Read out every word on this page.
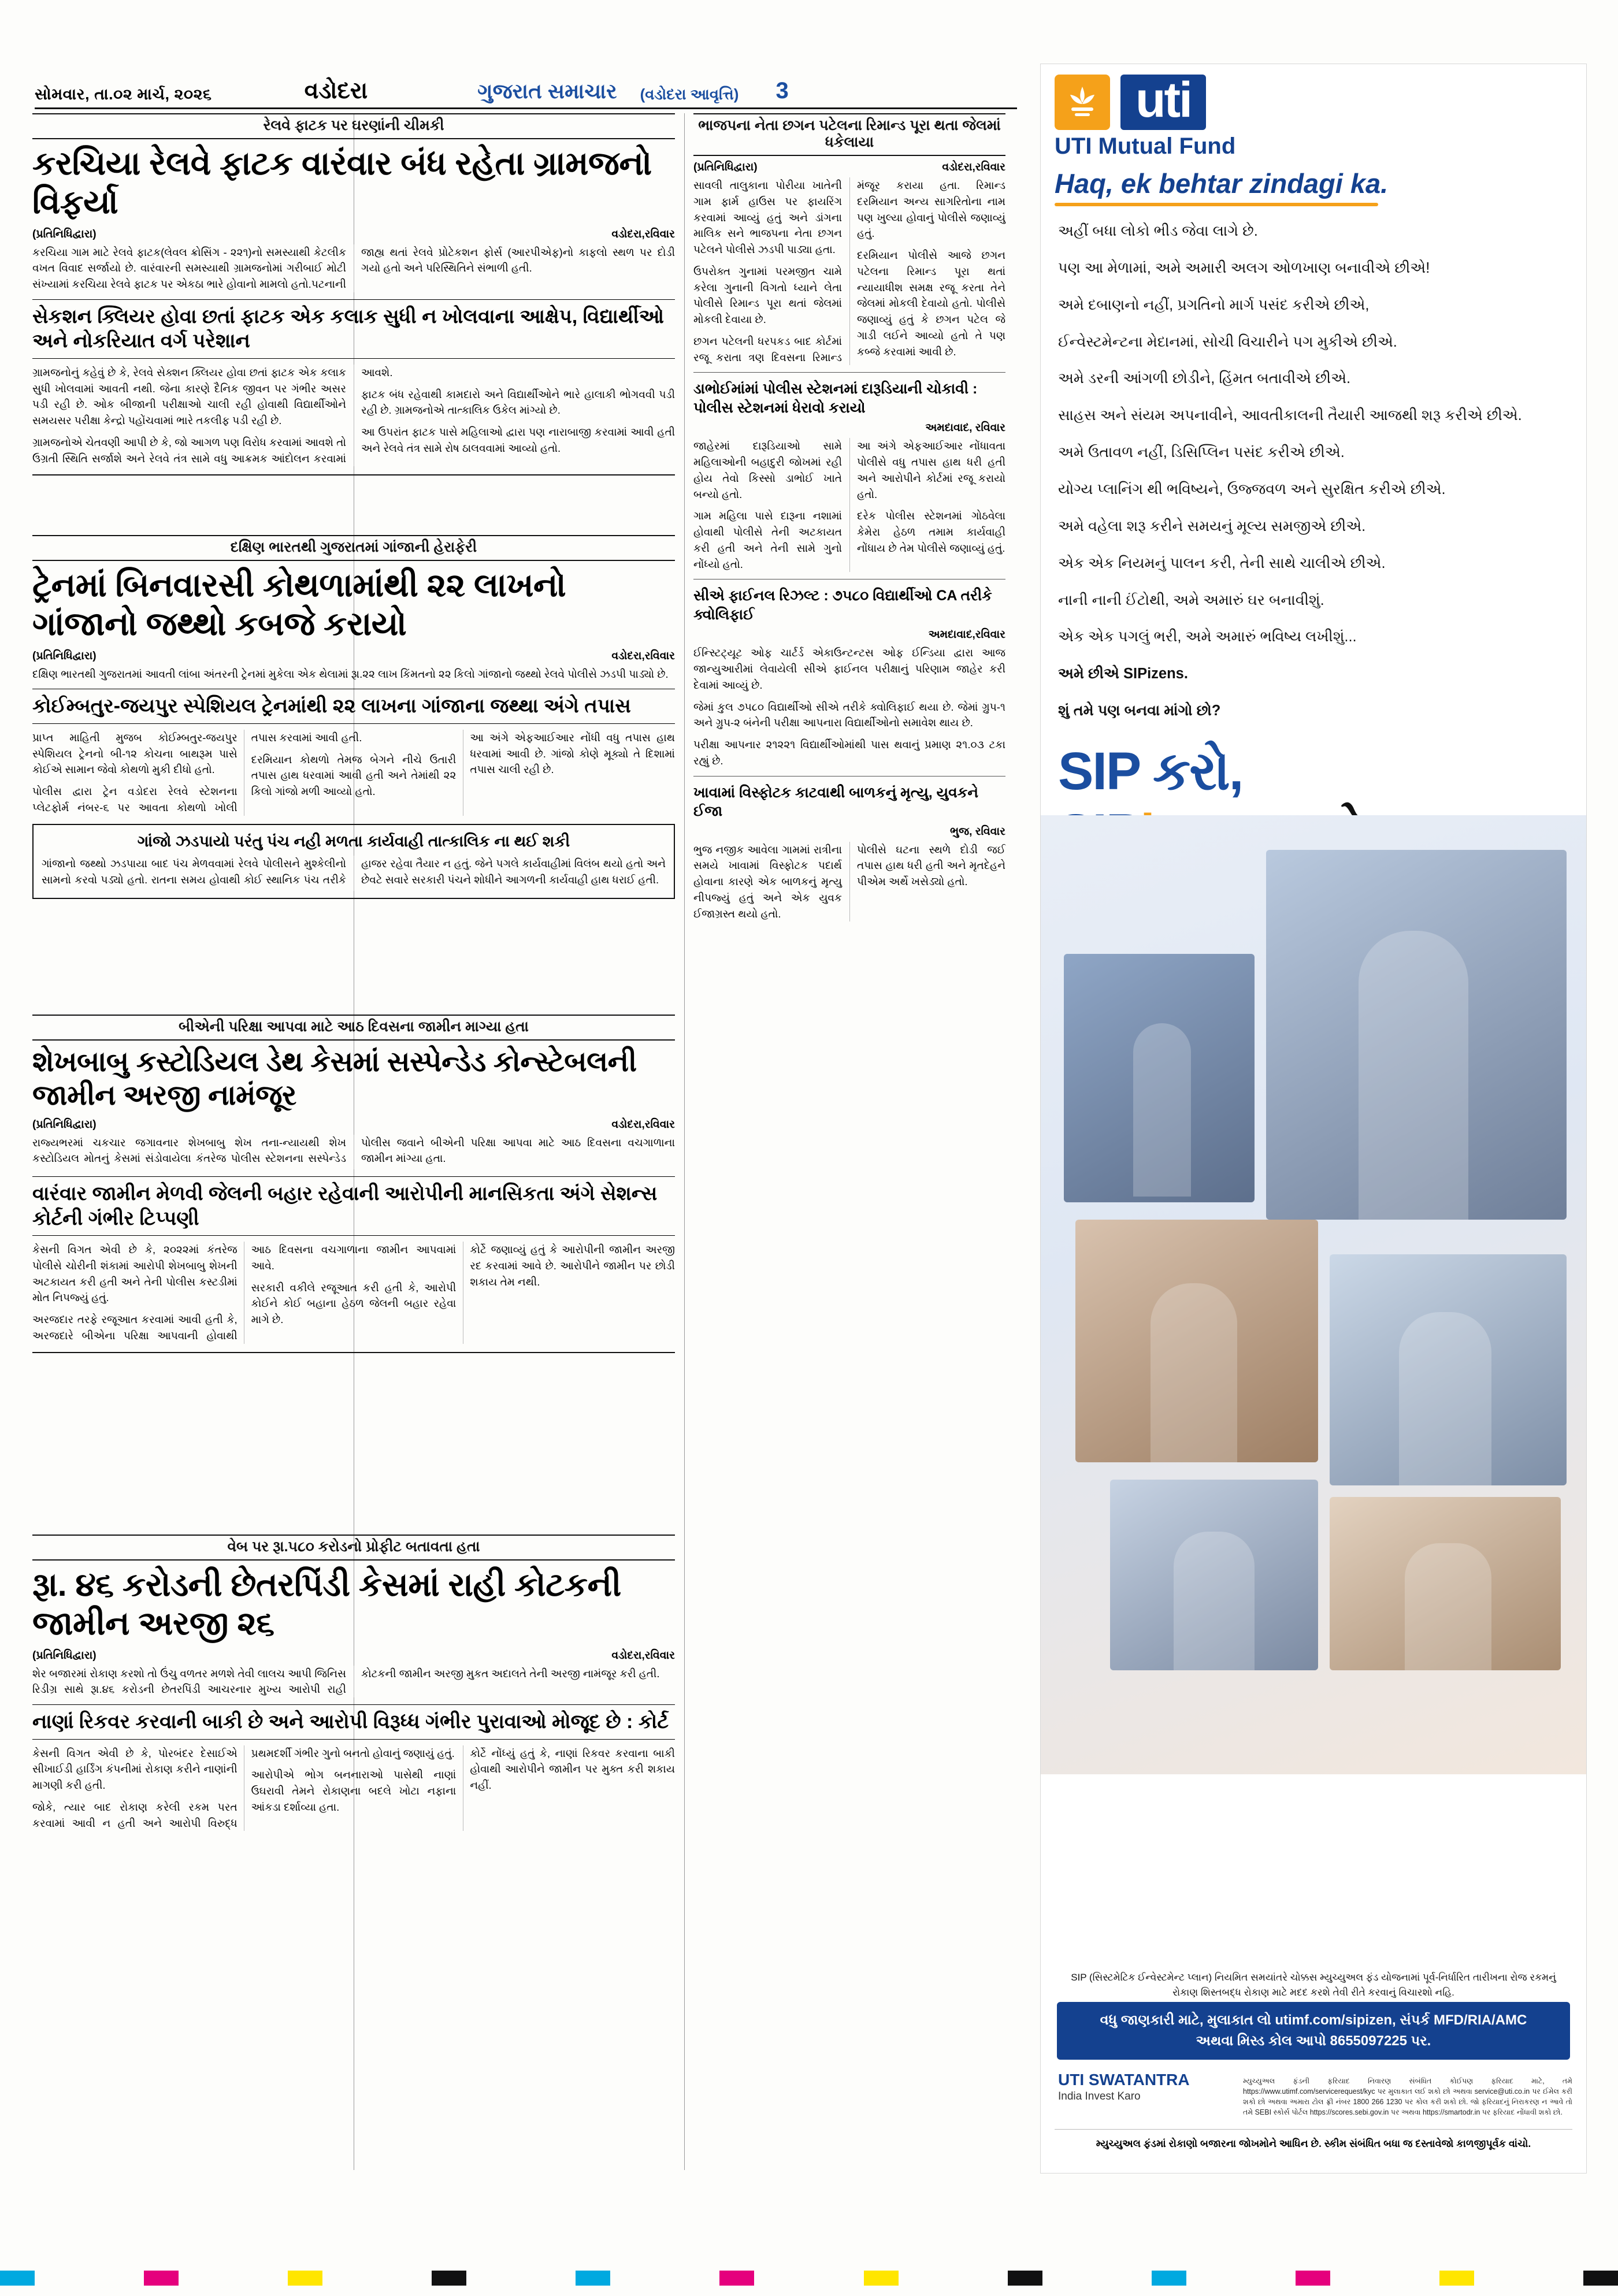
સોમવાર, તા.૦૨ માર્ચ, ૨૦૨૬	વડોદરા	ગુજરાત સમાચાર (વડોદરા આવૃત્તિ) 3
રેલવે ફાટક પર ઘરણાંની ચીમકી
કરચિયા રેલવે ફાટક વારંવાર બંધ રહેતા ગ્રામજનો વિફર્યા
(પ્રતિનિધિદ્વારા)	વડોદરા,રવિવાર

કરચિયા ગામ માટે રેલવે ફાટક(લેવલ ક્રોસિંગ - ૨૨૧)નો સમસ્યાથી કેટલીક વખત વિવાદ સર્જાયો છે. વારંવારની સમસ્યાથી ગ્રામજનોમાં ગરીબાઈ મોટી સંખ્યામાં કરચિયા રેલવે ફાટક પર એકઠા ભારે હોવાનો મામલો હતો.પટનાની જાહ્ય થતાં રેલવે પ્રોટેકશન ફોર્સ (આરપીએફ)નો કાફલો સ્થળ પર દોડી ગયો હતો અને પરિસ્થિતિને સંભાળી હતી.

સેકશન ક્લિયર હોવા છતાં ફાટક એક કલાક સુધી ન ખોલવાના આક્ષેપ, વિદ્યાર્થીઓ અને નોકરિયાત વર્ગ પરેશાન

ગ્રામજનોનું કહેવું છે કે, રેલવે સેક્શન ક્લિયર હોવા છતાં ફાટક એક કલાક સુધી ખોલવામાં આવતી નથી. જેના કારણે દૈનિક જીવન પર ગંભીર અસર પડી રહી છે. ઓક બીજાની પરીક્ષાઓ ચાલી રહી હોવાથી વિદ્યાર્થીઓને સમયસર પરીક્ષા કેન્દ્રો પહોંચવામાં ભારે તકલીફ પડી રહી છે.

ગ્રામજનોએ ચેતવણી આપી છે કે, જો આગળ પણ વિરોધ કરવામાં આવશે તો ઉગ્રતી સ્થિતિ સર્જાશે અને રેલવે તંત્ર સામે વધુ આક્રમક આંદોલન કરવામાં આવશે.

ફાટક બંધ રહેવાથી કામદારો અને વિદ્યાર્થીઓને ભારે હાલાકી ભોગવવી પડી રહી છે. ગ્રામજનોએ તાત્કાલિક ઉકેલ માંગ્યો છે.

આ ઉપરાંત ફાટક પાસે મહિલાઓ દ્વારા પણ નારાબાજી કરવામાં આવી હતી અને રેલવે તંત્ર સામે રોષ ઠાલવવામાં આવ્યો હતો.

દક્ષિણ ભારતથી ગુજરાતમાં ગાંજાની હેરાફેરી
ટ્રેનમાં બિનવારસી કોથળામાંથી ૨૨ લાખનો ગાંજાનો જથ્થો કબજે કરાયો
(પ્રતિનિધિદ્વારા)	વડોદરા,રવિવાર

દક્ષિણ ભારતથી ગુજરાતમાં આવતી લાંબા અંતરની ટ્રેનમાં મુકેલા એક થેલામાં રૂા.૨૨ લાખ કિંમતનો ૨૨ કિલો ગાંજાનો જથ્થો રેલવે પોલીસે ઝડપી પાડ્યો છે.

કોઈમ્બતુર-જયપુર સ્પેશિયલ ટ્રેનમાંથી ૨૨ લાખના ગાંજાના જથ્થા અંગે તપાસ

પ્રાપ્ત માહિતી મુજબ કોઈમ્બતુર-જયપુર સ્પેશિયલ ટ્રેનનો બી-૧૨ કોચના બાથરૂમ પાસે કોઈએ સામાન જેવો કોથળો મુકી દીધો હતો.

પોલીસ દ્વારા ટ્રેન વડોદરા રેલવે સ્ટેશનના પ્લેટફોર્મ નંબર-૬ પર આવતા કોથળો ખોલી તપાસ કરવામાં આવી હતી.

દરમિયાન કોથળો તેમજ બેગને નીચે ઉતારી તપાસ હાથ ધરવામાં આવી હતી અને તેમાંથી ૨૨ કિલો ગાંજો મળી આવ્યો હતો.

આ અંગે એફઆઈઆર નોંધી વધુ તપાસ હાથ ધરવામાં આવી છે. ગાંજો કોણે મૂક્યો તે દિશામાં તપાસ ચાલી રહી છે.

ગાંજો ઝડપાયો પરંતુ પંચ નહી મળતા કાર્યવાહી તાત્કાલિક ના થઈ શકી

ગાંજાનો જથ્થો ઝડપાયા બાદ પંચ મેળવવામાં રેલવે પોલીસને મુશ્કેલીનો સામનો કરવો પડ્યો હતો. રાતના સમય હોવાથી કોઈ સ્થાનિક પંચ તરીકે હાજર રહેવા તૈયાર ન હતું. જેને પગલે કાર્યવાહીમાં વિલંબ થયો હતો અને છેવટે સવારે સરકારી પંચને શોધીને આગળની કાર્યવાહી હાથ ધરાઈ હતી.

બીએની પરિક્ષા આપવા માટે આઠ દિવસના જામીન માગ્યા હતા
શેખબાબુ કસ્ટોડિયલ ડેથ કેસમાં સસ્પેન્ડેડ કોન્સ્ટેબલની જામીન અરજી નામંજૂર
(પ્રતિનિધિદ્વારા)	વડોદરા,રવિવાર

રાજ્યભરમાં ચકચાર જગાવનાર શેખબાબુ શેખ તના-ન્યાયથી શેખ કસ્ટોડિયલ મોતનું કેસમાં સંડોવાયેલા કંતરેજ પોલીસ સ્ટેશનના સસ્પેન્ડેડ પોલીસ જવાને બીએની પરિક્ષા આપવા માટે આઠ દિવસના વચગાળાના જામીન માંગ્યા હતા.

વારંવાર જામીન મેળવી જેલની બહાર રહેવાની આરોપીની માનસિકતા અંગે સેશન્સ કોર્ટની ગંભીર ટિપ્પણી

કેસની વિગત એવી છે કે, ૨૦૨૨માં કંતરેજ પોલીસે ચોરીની શંકામાં આરોપી શેખબાબુ શેખની અટકાયત કરી હતી અને તેની પોલીસ કસ્ટડીમાં મોત નિપજ્યું હતું.

અરજદાર તરફે રજૂઆત કરવામાં આવી હતી કે, અરજદારે બીએના પરિક્ષા આપવાની હોવાથી આઠ દિવસના વચગાળાના જામીન આપવામાં આવે.

સરકારી વકીલે રજૂઆત કરી હતી કે, આરોપી કોઈને કોઈ બહાના હેઠળ જેલની બહાર રહેવા માગે છે.

કોર્ટે જણાવ્યું હતું કે આરોપીની જામીન અરજી રદ કરવામાં આવે છે. આરોપીને જામીન પર છોડી શકાય તેમ નથી.

વેબ પર રૂા.૫૮૦ કરોડનો પ્રોફીટ બતાવતા હતા
રૂા. ૪૬ કરોડની છેતરપિંડી કેસમાં રાહી કોટકની જામીન અરજી ૨૬
(પ્રતિનિધિદ્વારા)	વડોદરા,રવિવાર

શેર બજારમાં રોકાણ કરશો તો ઉંચુ વળતર મળશે તેવી લાલચ આપી જિનિસ રિડીગ્ર સાથે રૂા.૪૬ કરોડની છેતરપિંડી આચરનાર મુખ્ય આરોપી રાહી કોટકની જામીન અરજી મુકત અદાલતે તેની અરજી નામંજૂર કરી હતી.

નાણાં રિકવર કરવાની બાકી છે અને આરોપી વિરૂધ્ધ ગંભીર પુરાવાઓ મોજૂદ છે : કોર્ટ

કેસની વિગત એવી છે કે, પોરબંદર દેસાઈએ સીખાઈડી હાર્ડિંગ કંપનીમાં રોકાણ કરીને નાણાંની માગણી કરી હતી.

જોકે, ત્યાર બાદ રોકાણ કરેલી રકમ પરત કરવામાં આવી ન હતી અને આરોપી વિરુદ્ધ પ્રથમદર્શી ગંભીર ગુનો બનતો હોવાનું જણાયું હતું.

આરોપીએ ભોગ બનનારાઓ પાસેથી નાણાં ઉઘરાવી તેમને રોકાણના બદલે ખોટા નફાના આંકડા દર્શાવ્યા હતા.

કોર્ટે નોંધ્યું હતું કે, નાણાં રિકવર કરવાના બાકી હોવાથી આરોપીને જામીન પર મુક્ત કરી શકાય નહીં.

ભાજપના નેતા છગન પટેલના રિમાન્ડ પૂરા થતા જેલમાં ધકેલાયા
(પ્રતિનિધિદ્વારા)	વડોદરા,રવિવાર

સાવલી તાલુકાના પોરીયા ખાતેની ગામ ફાર્મ હાઉસ પર ફાયરિંગ કરવામાં આવ્યું હતું અને ડાંગના માલિક સને ભાજપના નેતા છગન પટેલને પોલીસે ઝડપી પાડ્યા હતા.

ઉપરોક્ત ગુનામાં પરમજીત ચામે કરેલા ગુનાની વિગતો ધ્યાને લેતા પોલીસે રિમાન્ડ પૂરા થતાં જેલમાં મોકલી દેવાયા છે.

છગન પટેલની ધરપકડ બાદ કોર્ટમાં રજૂ કરાતા ત્રણ દિવસના રિમાન્ડ મંજૂર કરાયા હતા. રિમાન્ડ દરમિયાન અન્ય સાગરિતોના નામ પણ ખુલ્યા હોવાનું પોલીસે જણાવ્યું હતું.

દરમિયાન પોલીસે આજે છગન પટેલના રિમાન્ડ પૂરા થતાં ન્યાયાધીશ સમક્ષ રજૂ કરતા તેને જેલમાં મોકલી દેવાયો હતો. પોલીસે જણાવ્યું હતું કે છગન પટેલ જે ગાડી લઈને આવ્યો હતો તે પણ કબ્જે કરવામાં આવી છે.

ડાભોઈમાંમાં પોલીસ સ્ટેશનમાં દારૂડિયાની ચોકાવી : પોલીસ સ્ટેશનમાં ધેરાવો કરાયો
અમદાવાદ, રવિવાર

જાહેરમાં દારૂડિયાઓ સામે મહિલાઓની બહાદુરી જોખમાં રહી હોય તેવો કિસ્સો ડાભોઈ ખાતે બન્યો હતો.

ગામ મહિલા પાસે દારૂના નશામાં હોવાથી પોલીસે તેની અટકાયત કરી હતી અને તેની સામે ગુનો નોંધ્યો હતો.

આ અંગે એફઆઈઆર નોંધાવતા પોલીસે વધુ તપાસ હાથ ધરી હતી અને આરોપીને કોર્ટમાં રજૂ કરાયો હતો.

દરેક પોલીસ સ્ટેશનમાં ગોઠવેલા કેમેરા હેઠળ તમામ કાર્યવાહી નોંધાય છે તેમ પોલીસે જણાવ્યું હતું.

સીએ ફાઈનલ રિઝલ્ટ : ૭૫૮૦ વિદ્યાર્થીઓ CA તરીકે ક્વોલિફાઈ
અમદાવાદ,રવિવાર

ઈન્સ્ટિટ્યૂટ ઓફ ચાર્ટર્ડ એકાઉન્ટન્ટસ ઓફ ઈન્ડિયા દ્વારા આજ જાન્યુઆરીમાં લેવાયેલી સીએ ફાઈનલ પરીક્ષાનું પરિણામ જાહેર કરી દેવામાં આવ્યું છે.

જેમાં કુલ ૭૫૮૦ વિદ્યાર્થીઓ સીએ તરીકે ક્વોલિફાઈ થયા છે. જેમાં ગ્રુપ-૧ અને ગ્રુપ-૨ બંનેની પરીક્ષા આપનારા વિદ્યાર્થીઓનો સમાવેશ થાય છે.

પરીક્ષા આપનાર ૨૧૨૨૧ વિદ્યાર્થીઓમાંથી પાસ થવાનું પ્રમાણ ૨૧.૦૩ ટકા રહ્યું છે.

ખાવામાં વિસ્ફોટક કાટવાથી બાળકનું મૃત્યુ, યુવકને ઈજા
ભુજ, રવિવાર

ભુજ નજીક આવેલા ગામમાં રાત્રીના સમયે ખાવામાં વિસ્ફોટક પદાર્થ હોવાના કારણે એક બાળકનું મૃત્યુ નીપજ્યું હતું અને એક યુવક ઈજાગ્રસ્ત થયો હતો.

પોલીસે ઘટના સ્થળે દોડી જઈ તપાસ હાથ ધરી હતી અને મૃતદેહને પીએમ અર્થે ખસેડ્યો હતો.

uti
UTI Mutual Fund
Haq, ek behtar zindagi ka.

અહીં બધા લોકો ભીડ જેવા લાગે છે.

પણ આ મેળામાં, અમે અમારી અલગ ઓળખાણ બનાવીએ છીએ!

અમે દબાણનો નહીં, પ્રગતિનો માર્ગ પસંદ કરીએ છીએ,

ઈન્વેસ્ટમેન્ટના મેદાનમાં, સોચી વિચારીને પગ મુકીએ છીએ.

અમે ડરની આંગળી છોડીને, હિંમત બતાવીએ છીએ.

સાહસ અને સંયમ અપનાવીને, આવતીકાલની તૈયારી આજથી શરૂ કરીએ છીએ.

અમે ઉતાવળ નહીં, ડિસિપ્લિન પસંદ કરીએ છીએ.

યોગ્ય પ્લાનિંગ થી ભવિષ્યને, ઉજ્જવળ અને સુરક્ષિત કરીએ છીએ.

અમે વહેલા શરૂ કરીને સમયનું મૂલ્ય સમજીએ છીએ.

એક એક નિયમનું પાલન કરી, તેની સાથે ચાલીએ છીએ.

નાની નાની ઈંટોથી, અમે અમારું ઘર બનાવીશું.

એક એક પગલું ભરી, અમે અમારું ભવિષ્ય લખીશું...

અમે છીએ SIPizens.

શું તમે પણ બનવા માંગો છો?

SIP કરો,
SIP (સિસ્ટમેટિક ઈન્વેસ્ટમેન્ટ પ્લાન) નિયમિત સમયાંતરે ચોક્કસ મ્યુચ્યુઅલ ફંડ યોજનામાં પૂર્વ-નિર્ધારિત તારીખના રોજ રકમનું રોકાણ શિસ્તબદ્ધ રોકાણ માટે મદદ કરશે તેવી રીતે કરવાનું વિચારશો નહિ.
વધુ જાણકારી માટે, મુલાકાત લો utimf.com/sipizen, સંપર્ક MFD/RIA/AMC
અથવા મિસ્ડ કોલ આપો 8655097225 પર.
UTI SWATANTRA
India Invest Karo
મ્યુચ્યુઅલ ફંડની ફરિયાદ નિવારણ સંબંધિત કોઈપણ ફરિયાદ માટે, તમે https://www.utimf.com/servicerequest/kyc પર મુલાકાત લઈ શકો છો અથવા service@uti.co.in પર ઈમેલ કરી શકો છો અથવા અમારા ટોલ ફ્રી નંબર 1800 266 1230 પર કોલ કરી શકો છો. જો ફરિયાદનું નિરાકરણ ન આવે તો તમે SEBI સ્કોર્સ પોર્ટલ https://scores.sebi.gov.in પર અથવા https://smartodr.in પર ફરિયાદ નોંધાવી શકો છો.
મ્યુચ્યુઅલ ફંડમાં રોકાણો બજારના જોખમોને આધિન છે. સ્કીમ સંબંધિત બધા જ દસ્તાવેજો કાળજીપૂર્વક વાંચો.
